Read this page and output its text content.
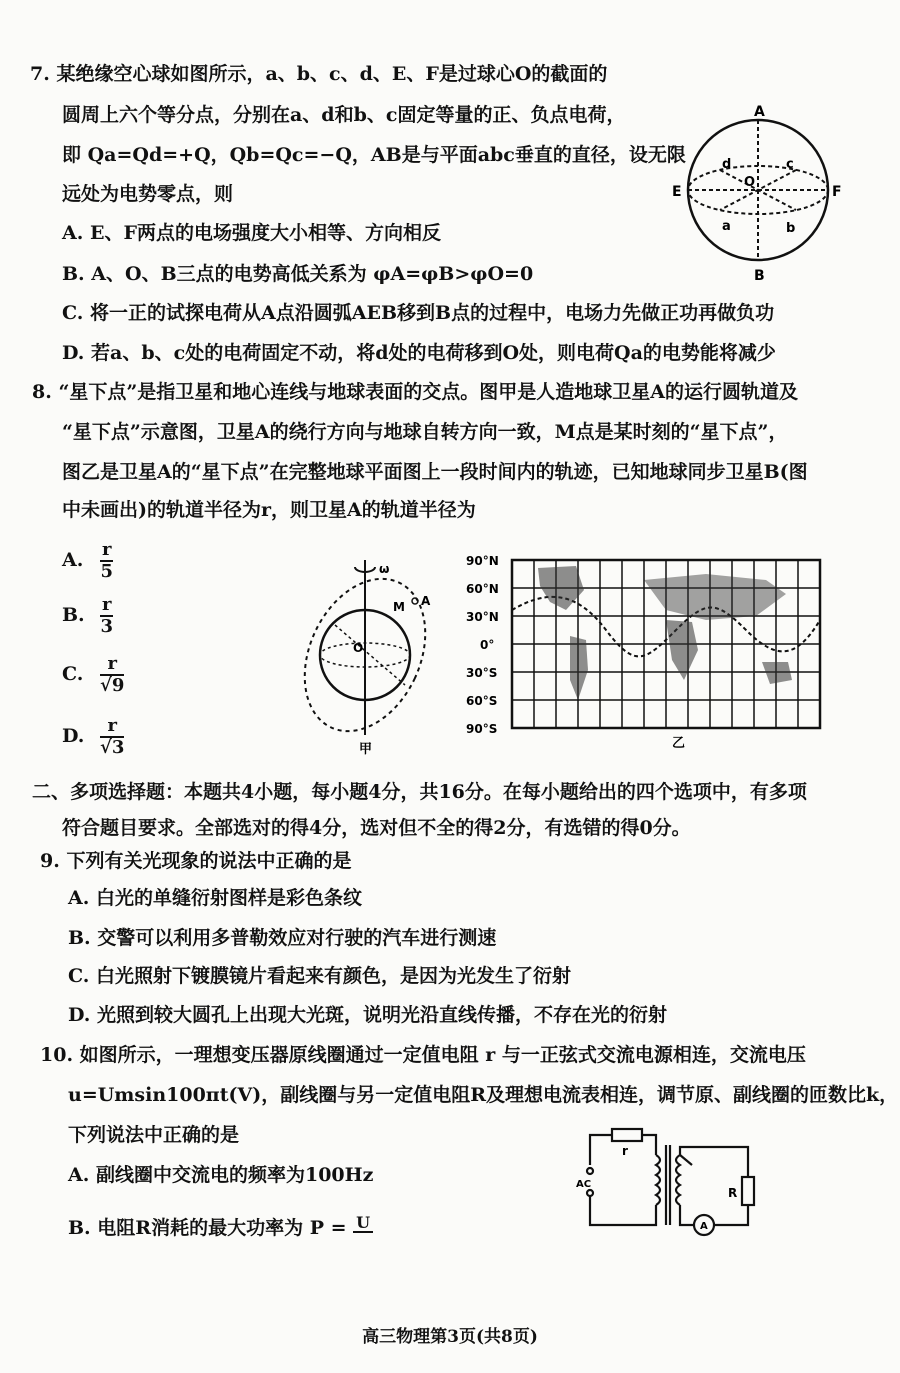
7. 某绝缘空心球如图所示，a、b、c、d、E、F是过球心O的截面的
圆周上六个等分点，分别在a、d和b、c固定等量的正、负点电荷，
即 Qa=Qd=+Q，Qb=Qc=−Q，AB是与平面abc垂直的直径，设无限
远处为电势零点，则
A. E、F两点的电场强度大小相等、方向相反
B. A、O、B三点的电势高低关系为 φA=φB>φO=0
C. 将一正的试探电荷从A点沿圆弧AEB移到B点的过程中，电场力先做正功再做负功
D. 若a、b、c处的电荷固定不动，将d处的电荷移到O处，则电荷Qa的电势能将减少
A
B
E	F
O
d	c
a	b
8. “星下点”是指卫星和地心连线与地球表面的交点。图甲是人造地球卫星A的运行圆轨道及
“星下点”示意图，卫星A的绕行方向与地球自转方向一致，M点是某时刻的“星下点”，
图乙是卫星A的“星下点”在完整地球平面图上一段时间内的轨迹，已知地球同步卫星B(图
中未画出)的轨道半径为r，则卫星A的轨道半径为
A. $\frac{r}{5}$
B. $\frac{r}{3}$
C. $\frac{r}{√9}$
D. $\frac{r}{√3}$
ω
M A
O
甲
90°N
60°N
30°N
0°
30°S
60°S
90°S
乙
二、多项选择题：本题共4小题，每小题4分，共16分。在每小题给出的四个选项中，有多项
符合题目要求。全部选对的得4分，选对但不全的得2分，有选错的得0分。
9. 下列有关光现象的说法中正确的是
A. 白光的单缝衍射图样是彩色条纹
B. 交警可以利用多普勒效应对行驶的汽车进行测速
C. 白光照射下镀膜镜片看起来有颜色，是因为光发生了衍射
D. 光照到较大圆孔上出现大光斑，说明光沿直线传播，不存在光的衍射
10. 如图所示，一理想变压器原线圈通过一定值电阻 r 与一正弦式交流电源相连，交流电压
u=Umsin100πt(V)，副线圈与另一定值电阻R及理想电流表相连，调节原、副线圈的匝数比k，
下列说法中正确的是
A. 副线圈中交流电的频率为100Hz
B. 电阻R消耗的最大功率为 P = U
r
AC
R
A
高三物理第3页(共8页)
